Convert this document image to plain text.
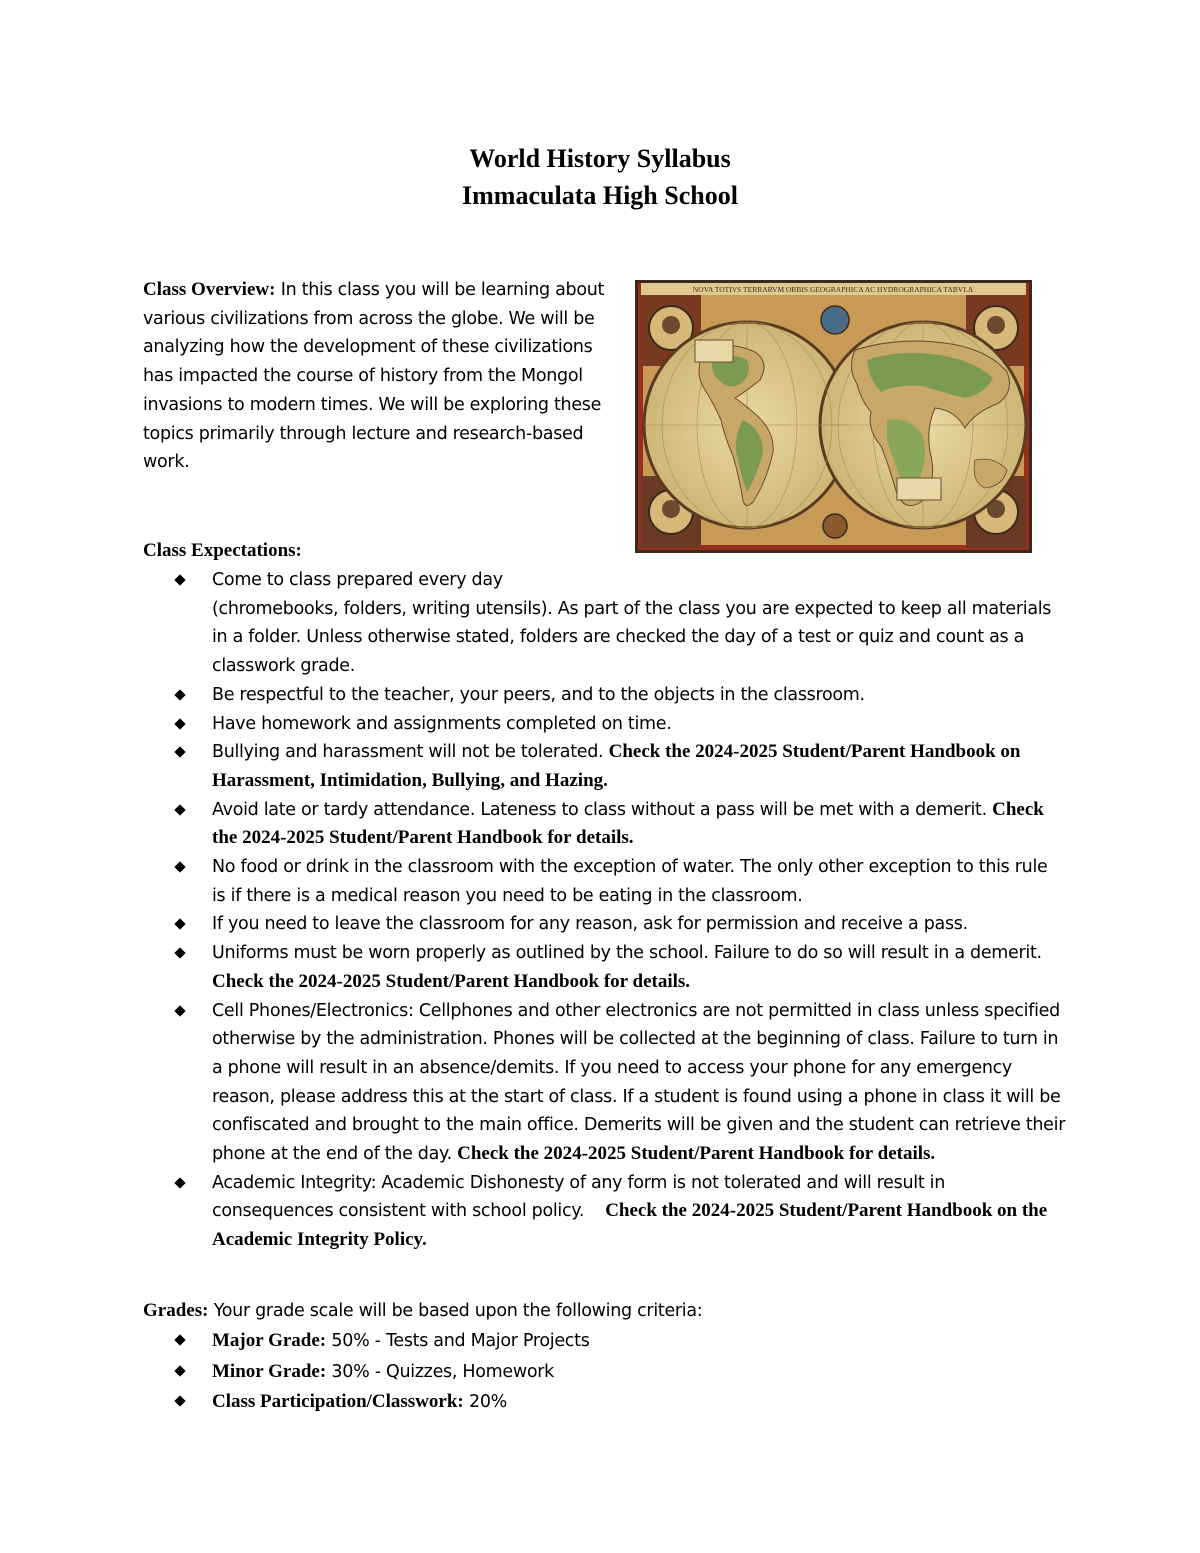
World History Syllabus
Immaculata High School

Class Overview: In this class you will be learning about various civilizations from across the globe. We will be analyzing how the development of these civilizations has impacted the course of history from the Mongol invasions to modern times. We will be exploring these topics primarily through lecture and research-based work.

NOVA TOTIVS TERRARVM ORBIS GEOGRAPHICA AC HYDROGRAPHICA TABVLA

Class Expectations:

Come to class prepared every day
(chromebooks, folders, writing utensils). As part of the class you are expected to keep all materials in a folder. Unless otherwise stated, folders are checked the day of a test or quiz and count as a classwork grade.
Be respectful to the teacher, your peers, and to the objects in the classroom.
Have homework and assignments completed on time.
Bullying and harassment will not be tolerated. Check the 2024-2025 Student/Parent Handbook on Harassment, Intimidation, Bullying, and Hazing.
Avoid late or tardy attendance. Lateness to class without a pass will be met with a demerit. Check the 2024-2025 Student/Parent Handbook for details.
No food or drink in the classroom with the exception of water. The only other exception to this rule is if there is a medical reason you need to be eating in the classroom.
If you need to leave the classroom for any reason, ask for permission and receive a pass.
Uniforms must be worn properly as outlined by the school. Failure to do so will result in a demerit. Check the 2024-2025 Student/Parent Handbook for details.
Cell Phones/Electronics: Cellphones and other electronics are not permitted in class unless specified otherwise by the administration. Phones will be collected at the beginning of class. Failure to turn in a phone will result in an absence/demits. If you need to access your phone for any emergency reason, please address this at the start of class. If a student is found using a phone in class it will be confiscated and brought to the main office. Demerits will be given and the student can retrieve their phone at the end of the day. Check the 2024-2025 Student/Parent Handbook for details.
Academic Integrity: Academic Dishonesty of any form is not tolerated and will result in consequences consistent with school policy.    Check the 2024-2025 Student/Parent Handbook on the Academic Integrity Policy.

Grades: Your grade scale will be based upon the following criteria:

Major Grade: 50% - Tests and Major Projects
Minor Grade: 30% - Quizzes, Homework
Class Participation/Classwork: 20%
